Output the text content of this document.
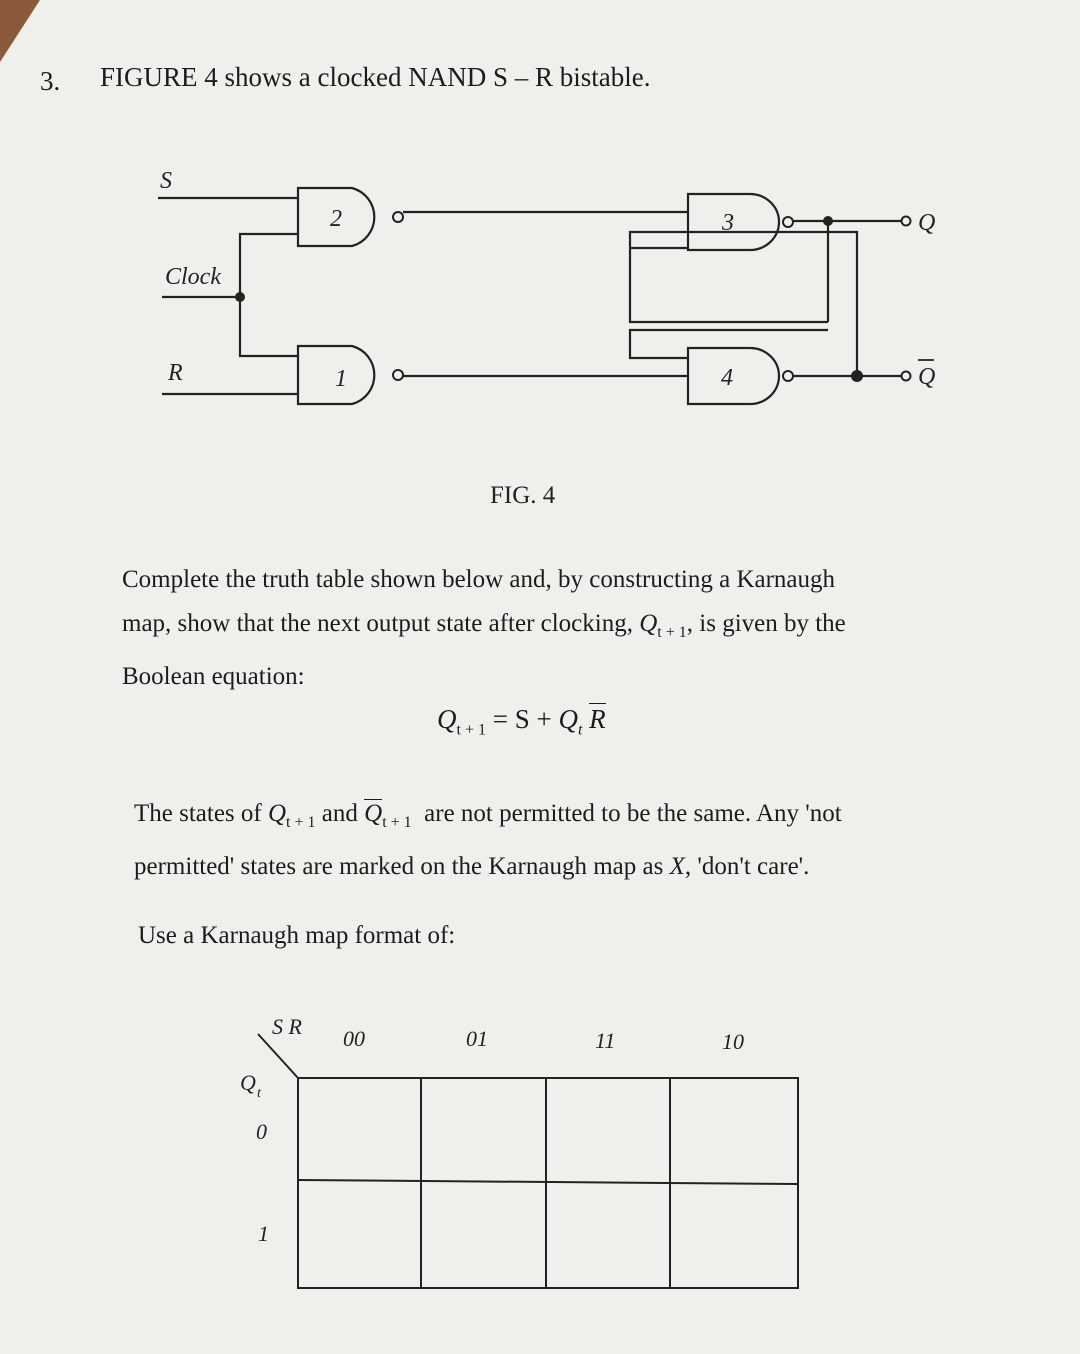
3. FIGURE 4 shows a clocked NAND S – R bistable.
S
Clock
R
2
1
3
4
Q
Q
FIG. 4
Complete the truth table shown below and, by constructing a Karnaugh
map, show that the next output state after clocking, $Q_{t + 1}$, is given by the
Boolean equation:
$Q_{t + 1} = S + Q_t$ R
The states of $Q_{t + 1}$ and $Q_{t + 1}$ are not permitted to be the same. Any 'not
permitted' states are marked on the Karnaugh map as X, 'don't care'.
Use a Karnaugh map format of:
S R
Q t
00	01	11	10
0
1
